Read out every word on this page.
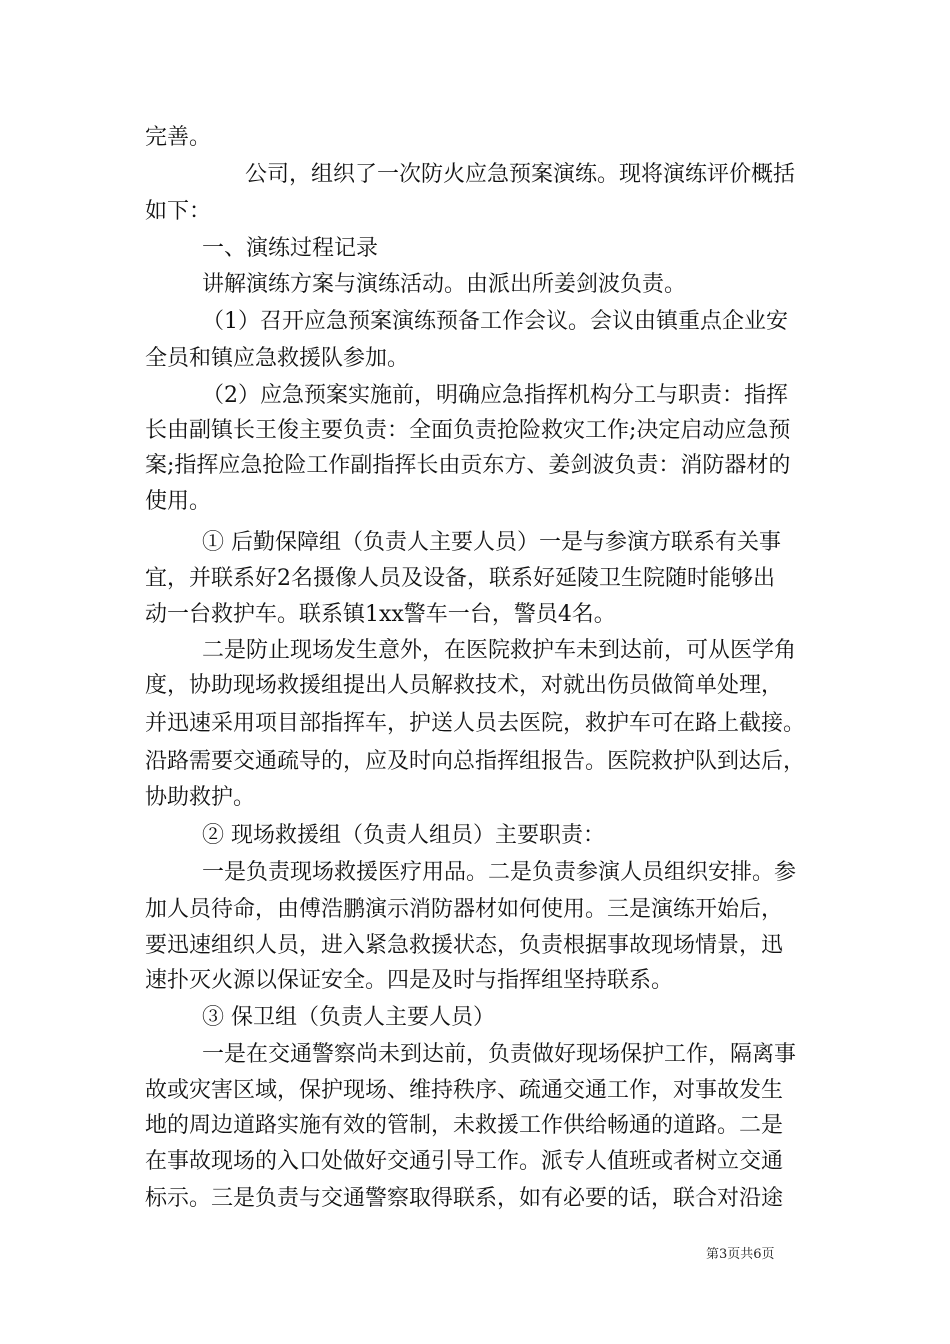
完善。
公司，组织了一次防火应急预案演练。现将演练评价概括
如下：
一、演练过程记录
讲解演练方案与演练活动。由派出所姜剑波负责。
（1）召开应急预案演练预备工作会议。会议由镇重点企业安
全员和镇应急救援队参加。
（2）应急预案实施前，明确应急指挥机构分工与职责：指挥
长由副镇长王俊主要负责：全面负责抢险救灾工作;决定启动应急预
案;指挥应急抢险工作副指挥长由贡东方、姜剑波负责：消防器材的
使用。
① 后勤保障组（负责人主要人员）一是与参演方联系有关事
宜，并联系好2名摄像人员及设备，联系好延陵卫生院随时能够出
动一台救护车。联系镇1xx警车一台，警员4名。
二是防止现场发生意外，在医院救护车未到达前，可从医学角
度，协助现场救援组提出人员解救技术，对就出伤员做简单处理，
并迅速采用项目部指挥车，护送人员去医院，救护车可在路上截接。
沿路需要交通疏导的，应及时向总指挥组报告。医院救护队到达后，
协助救护。
② 现场救援组（负责人组员）主要职责：
一是负责现场救援医疗用品。二是负责参演人员组织安排。参
加人员待命，由傅浩鹏演示消防器材如何使用。三是演练开始后，
要迅速组织人员，进入紧急救援状态，负责根据事故现场情景，迅
速扑灭火源以保证安全。四是及时与指挥组坚持联系。
③ 保卫组（负责人主要人员）
一是在交通警察尚未到达前，负责做好现场保护工作，隔离事
故或灾害区域，保护现场、维持秩序、疏通交通工作，对事故发生
地的周边道路实施有效的管制，未救援工作供给畅通的道路。二是
在事故现场的入口处做好交通引导工作。派专人值班或者树立交通
标示。三是负责与交通警察取得联系，如有必要的话，联合对沿途
第3页共6页
